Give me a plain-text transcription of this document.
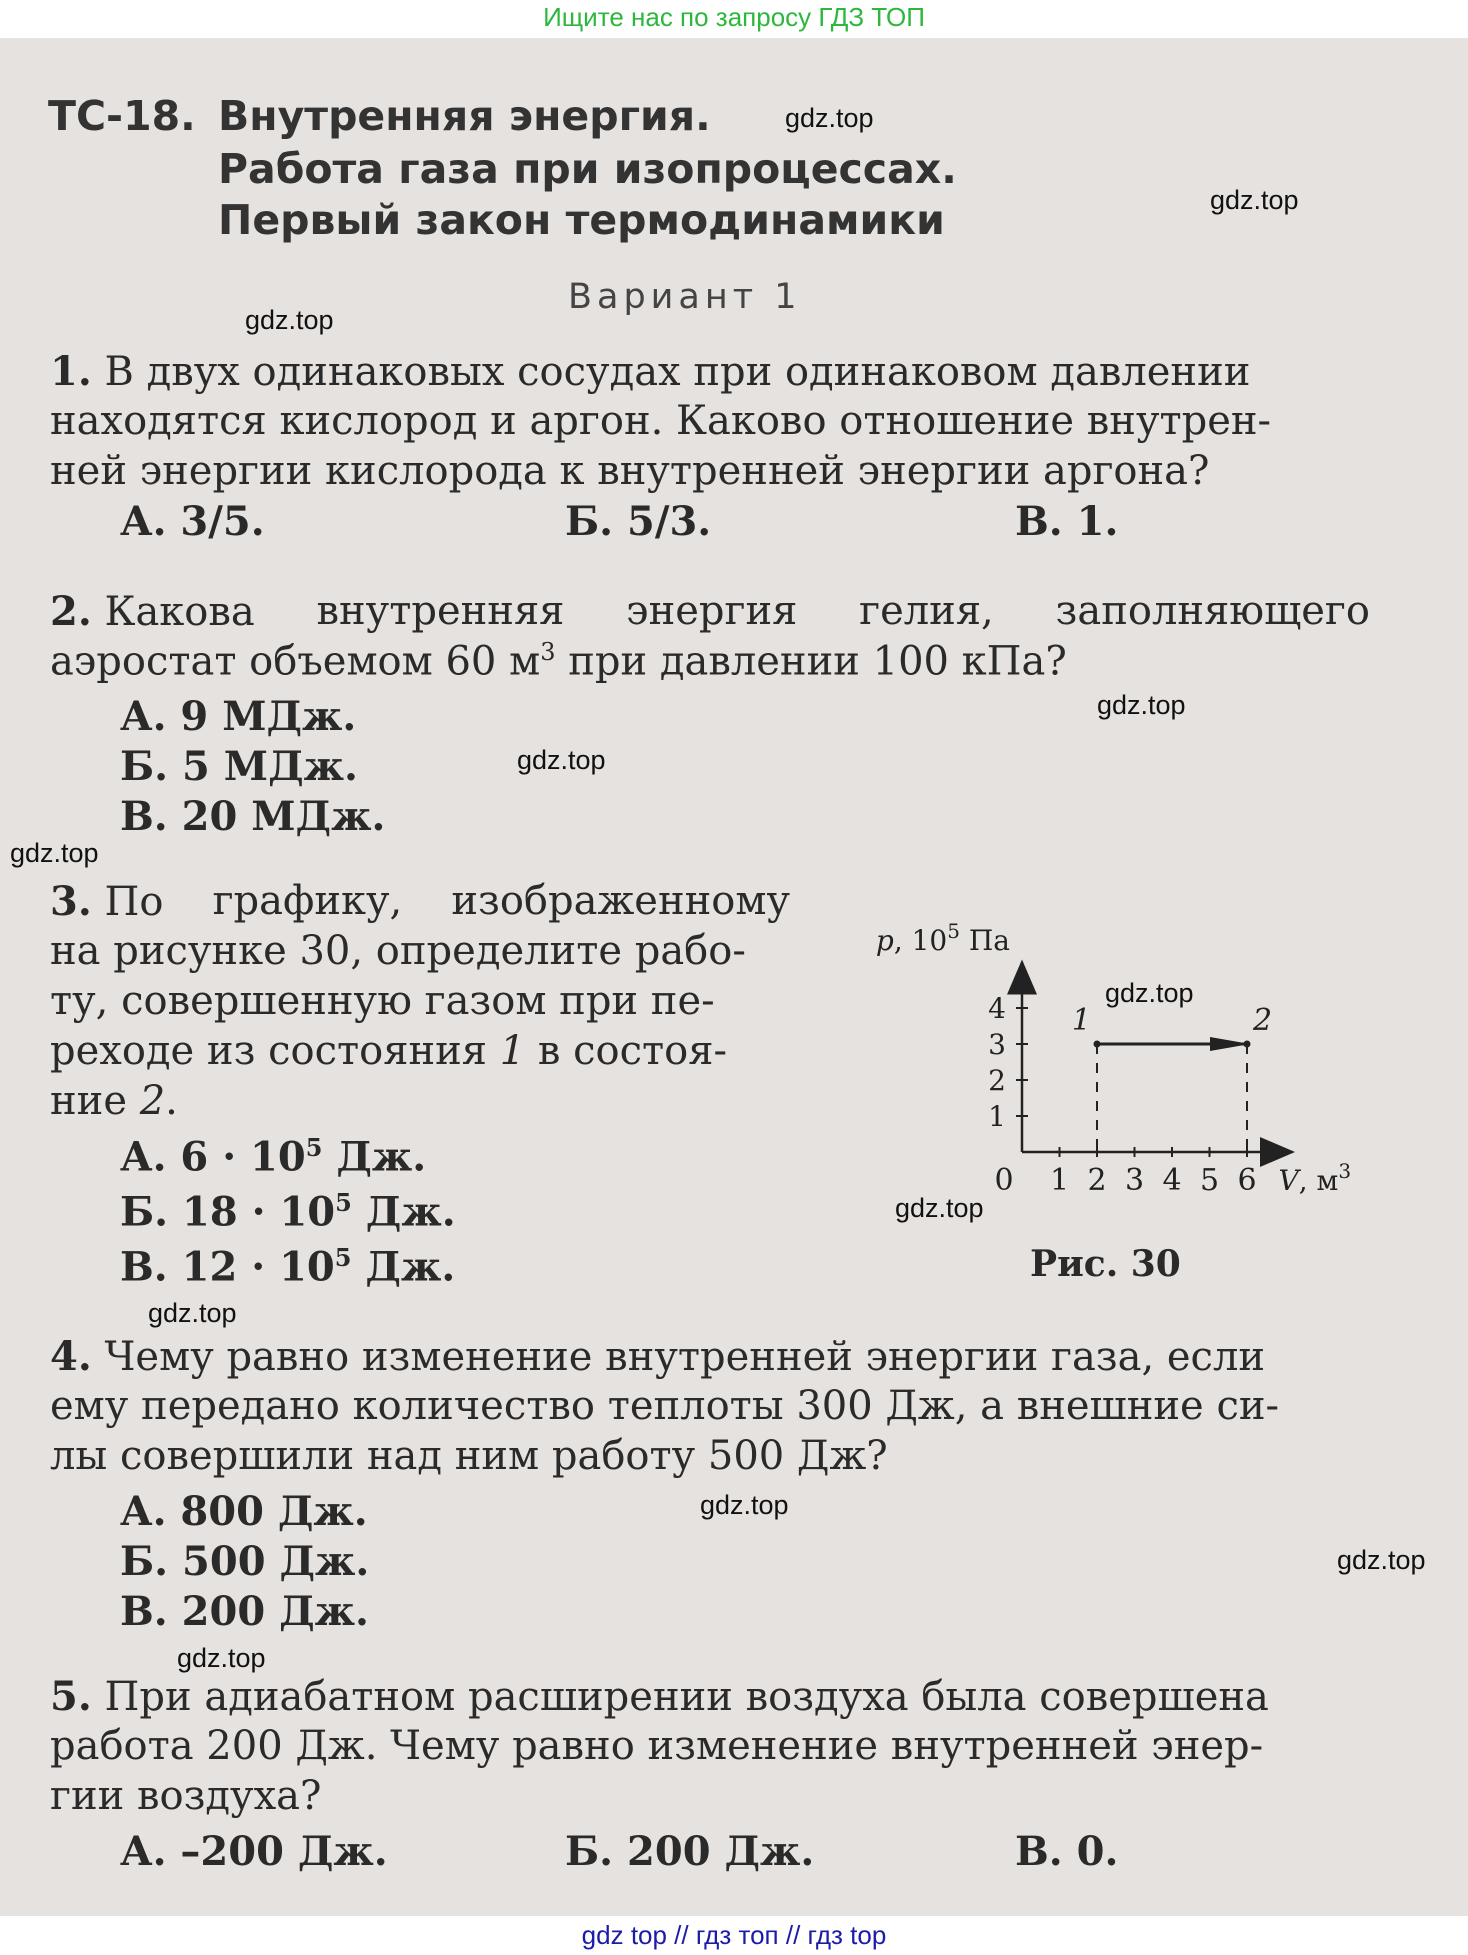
Ищите нас по запросу ГДЗ ТОП
ТС-18. Внутренняя энергия.
Работа газа при изопроцессах.
Первый закон термодинамики
Вариант 1
1. В двух одинаковых сосудах при одинаковом давлении
находятся кислород и аргон. Каково отношение внутрен-
ней энергии кислорода к внутренней энергии аргона?
А. 3/5.	Б. 5/3.	В. 1.
2. Какова внутренняя энергия гелия, заполняющего
аэростат объемом 60 $м^3$ при давлении 100 кПа?
А. 9 МДж.
Б. 5 МДж.
В. 20 МДж.
3. По графику, изображенному
на рисунке 30, определите рабо-
ту, совершенную газом при пе-
реходе из состояния 1 в состоя-
ние 2.
А. $6 \cdot 10^5$ Дж.
Б. $18 \cdot 10^5$ Дж.
В. $12 \cdot 10^5$ Дж.
1 2 3 4 5 6
0
1
2
3
4
p, $10^5$ Па
V, $м^3$
1	2
Рис. 30
4. Чему равно изменение внутренней энергии газа, если
ему передано количество теплоты 300 Дж, а внешние си-
лы совершили над ним работу 500 Дж?
А. 800 Дж.
Б. 500 Дж.
В. 200 Дж.
5. При адиабатном расширении воздуха была совершена
работа 200 Дж. Чему равно изменение внутренней энер-
гии воздуха?
А. –200 Дж.	Б. 200 Дж.	В. 0.
gdz.top
gdz.top
gdz.top
gdz.top
gdz.top
gdz.top
gdz.top
gdz.top
gdz.top
gdz.top
gdz.top
gdz.top
gdz top // гдз топ // гдз top
